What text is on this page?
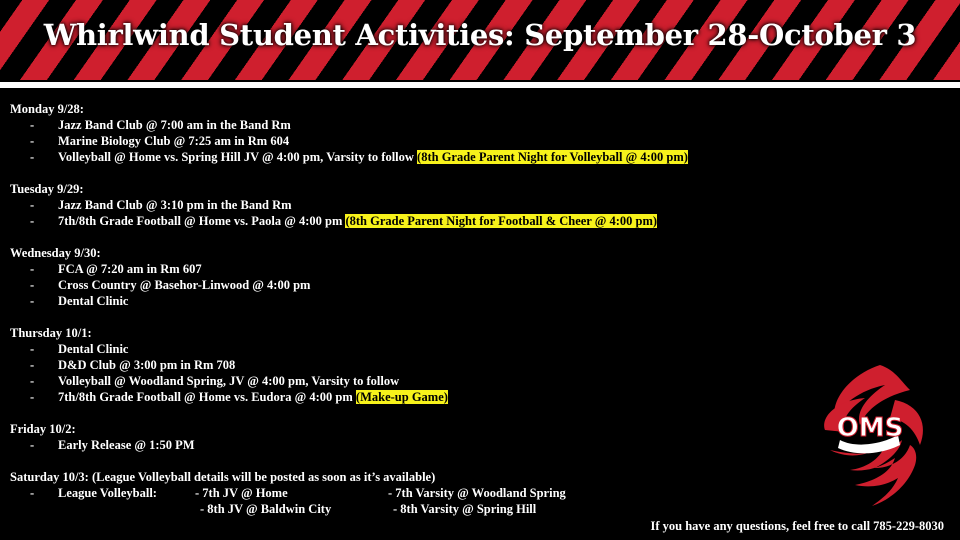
Whirlwind Student Activities: September 28-October 3
Monday 9/28:
- Jazz Band Club @ 7:00 am in the Band Rm
- Marine Biology Club @ 7:25 am in Rm 604
- Volleyball @ Home vs. Spring Hill JV @ 4:00 pm, Varsity to follow (8th Grade Parent Night for Volleyball @ 4:00 pm)
Tuesday 9/29:
- Jazz Band Club @ 3:10 pm in the Band Rm
- 7th/8th Grade Football @ Home vs. Paola @ 4:00 pm (8th Grade Parent Night for Football & Cheer @ 4:00 pm)
Wednesday 9/30:
- FCA @ 7:20 am in Rm 607
- Cross Country @ Basehor-Linwood @ 4:00 pm
- Dental Clinic
Thursday 10/1:
- Dental Clinic
- D&D Club @ 3:00 pm in Rm 708
- Volleyball @ Woodland Spring, JV @ 4:00 pm, Varsity to follow
- 7th/8th Grade Football @ Home vs. Eudora @ 4:00 pm (Make-up Game)
Friday 10/2:
- Early Release @ 1:50 PM
Saturday 10/3: (League Volleyball details will be posted as soon as it’s available)
-	League Volleyball:	- 7th JV @ Home	- 7th Varsity @ Woodland Spring
- 8th JV @ Baldwin City	- 8th Varsity @ Spring Hill
If you have any questions, feel free to call 785-229-8030
OMS
